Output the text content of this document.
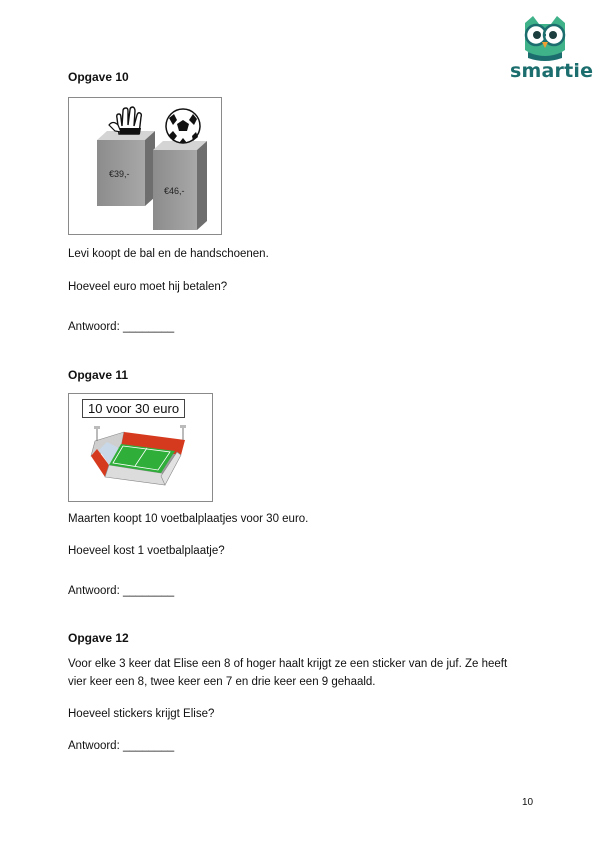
smartie
Opgave 10
€39,-
€46,-
Levi koopt de bal en de handschoenen.
Hoeveel euro moet hij betalen?
Antwoord: ________
Opgave 11
10 voor 30 euro
Maarten koopt 10 voetbalplaatjes voor 30 euro.
Hoeveel kost 1 voetbalplaatje?
Antwoord: ________
Opgave 12
Voor elke 3 keer dat Elise een 8 of hoger haalt krijgt ze een sticker van de juf. Ze heeft vier keer een 8, twee keer een 7 en drie keer een 9 gehaald.
Hoeveel stickers krijgt Elise?
Antwoord: ________
10
